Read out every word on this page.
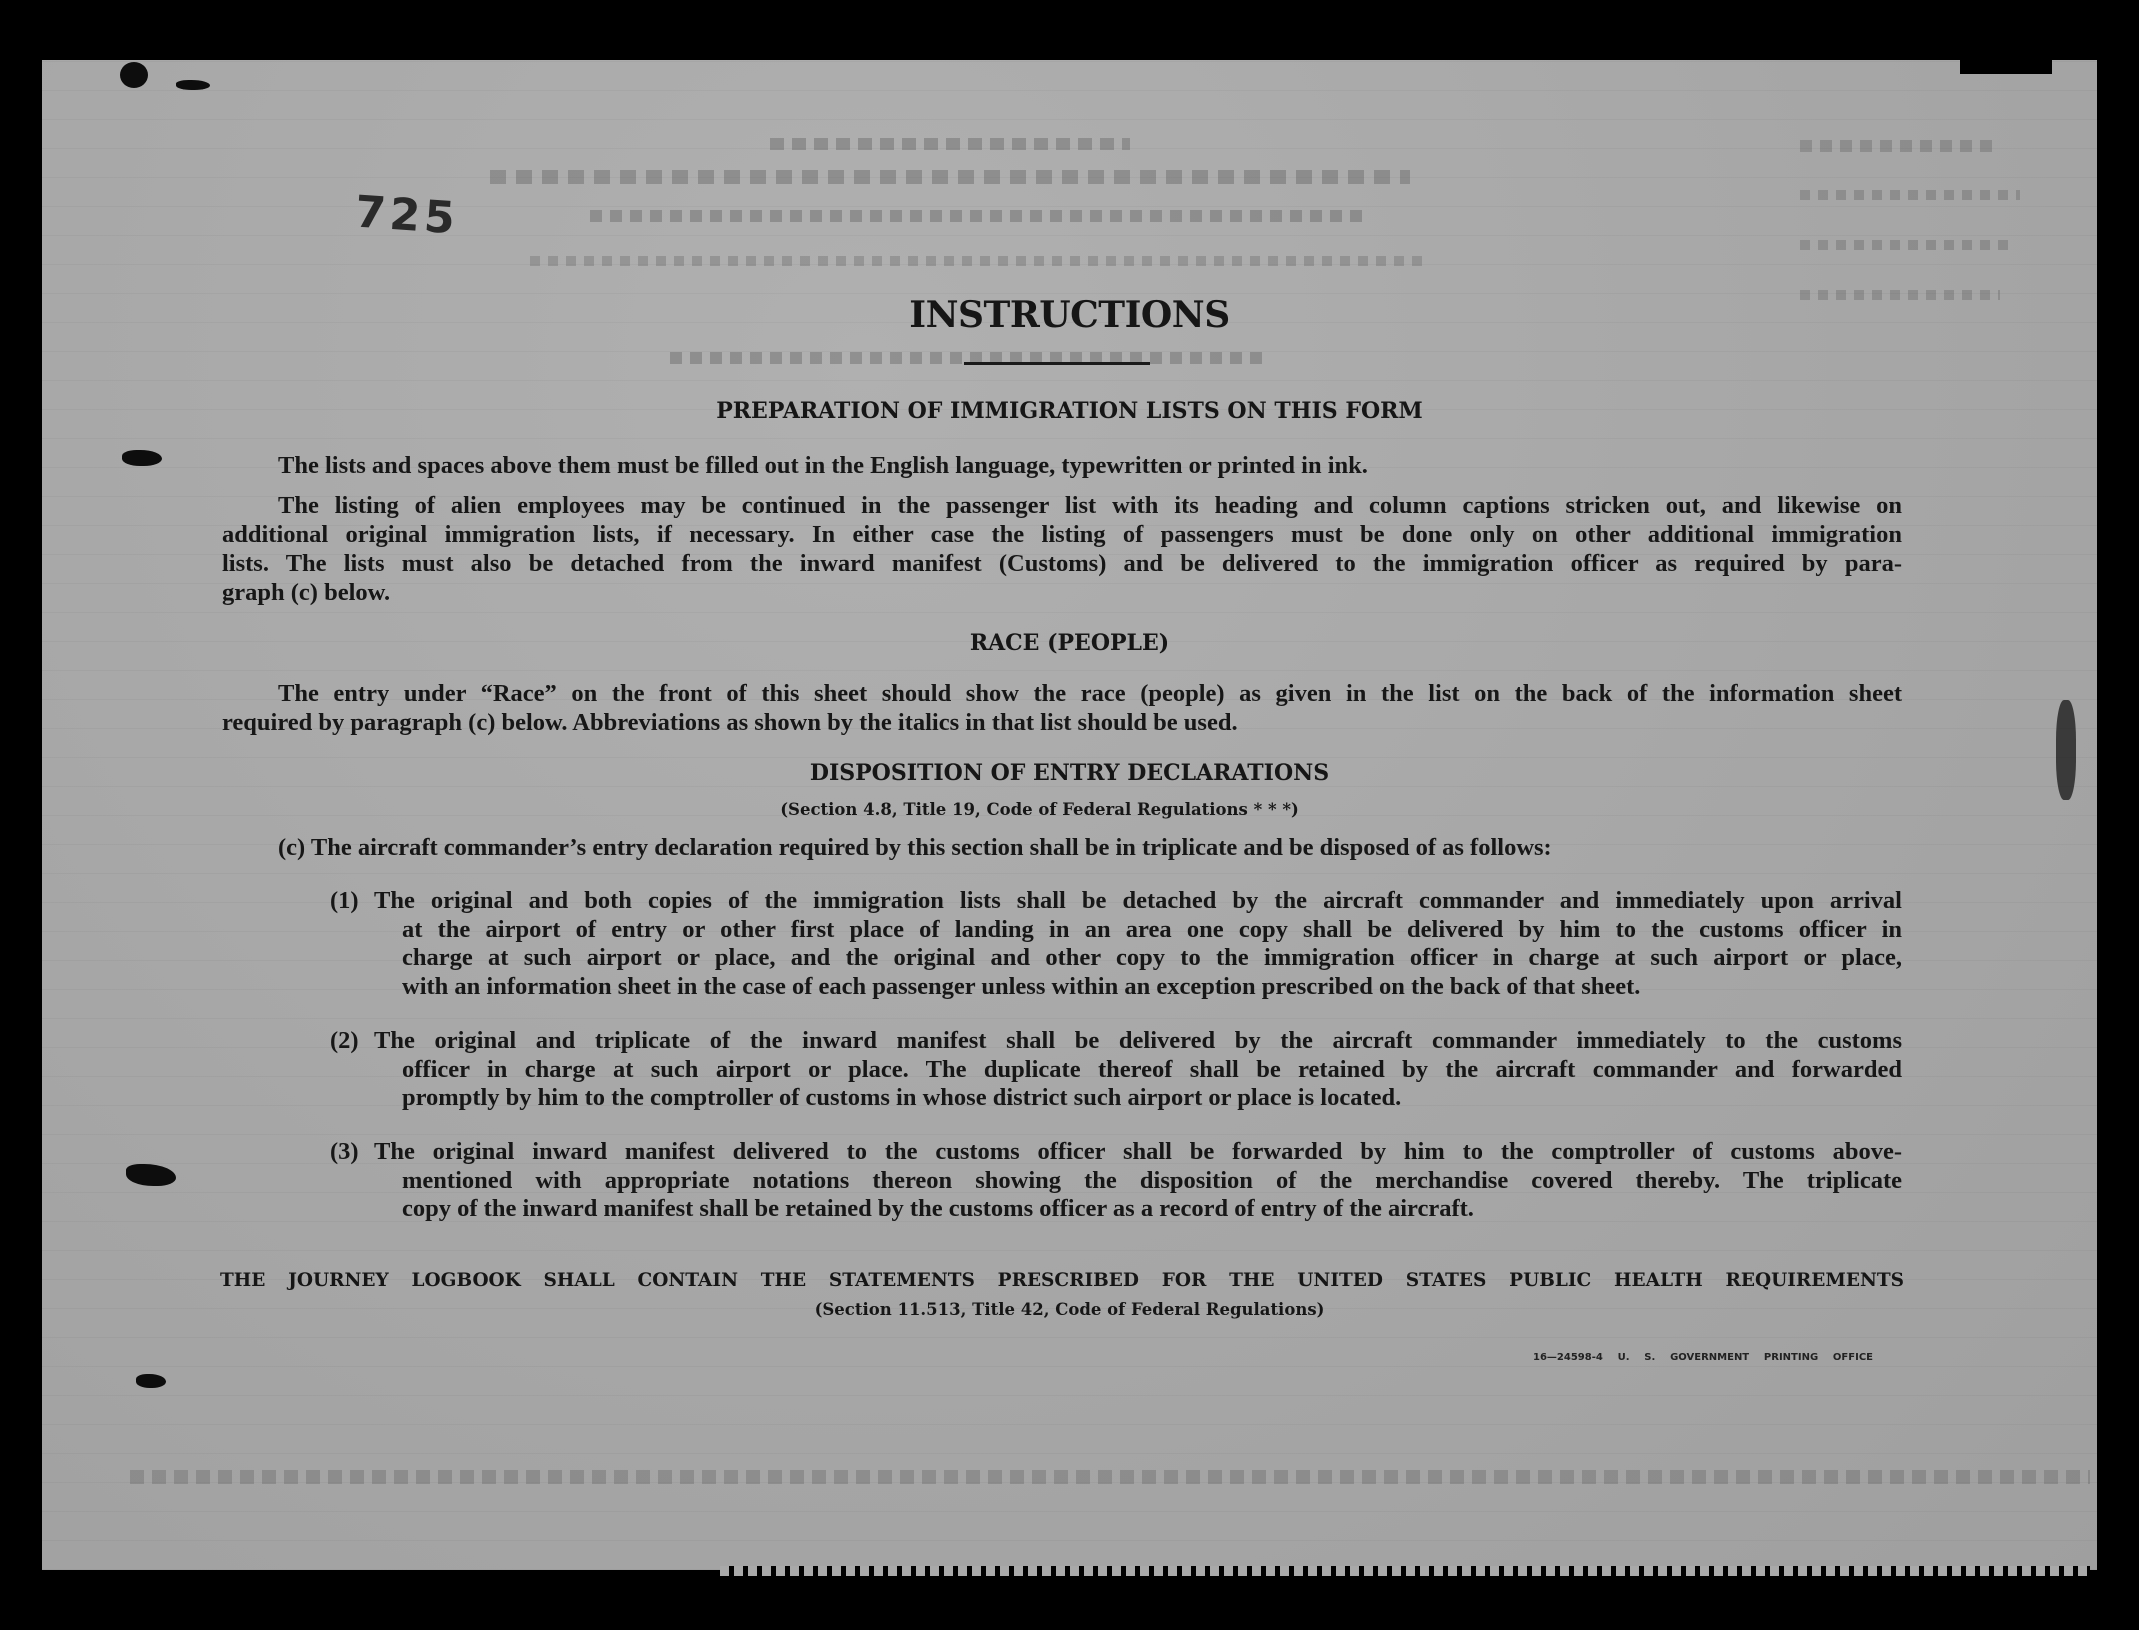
725
INSTRUCTIONS
PREPARATION OF IMMIGRATION LISTS ON THIS FORM
The lists and spaces above them must be filled out in the English language, typewritten or printed in ink.
The listing of alien employees may be continued in the passenger list with its heading and column captions stricken out, and likewise on
additional original immigration lists, if necessary. In either case the listing of passengers must be done only on other additional immigration
lists. The lists must also be detached from the inward manifest (Customs) and be delivered to the immigration officer as required by para-
graph (c) below.
RACE (PEOPLE)
The entry under “Race” on the front of this sheet should show the race (people) as given in the list on the back of the information sheet
required by paragraph (c) below. Abbreviations as shown by the italics in that list should be used.
DISPOSITION OF ENTRY DECLARATIONS
(Section 4.8, Title 19, Code of Federal Regulations * * *)
(c) The aircraft commander’s entry declaration required by this section shall be in triplicate and be disposed of as follows:
(1) The original and both copies of the immigration lists shall be detached by the aircraft commander and immediately upon arrival
at the airport of entry or other first place of landing in an area one copy shall be delivered by him to the customs officer in
charge at such airport or place, and the original and other copy to the immigration officer in charge at such airport or place,
with an information sheet in the case of each passenger unless within an exception prescribed on the back of that sheet.
(2) The original and triplicate of the inward manifest shall be delivered by the aircraft commander immediately to the customs
officer in charge at such airport or place. The duplicate thereof shall be retained by the aircraft commander and forwarded
promptly by him to the comptroller of customs in whose district such airport or place is located.
(3) The original inward manifest delivered to the customs officer shall be forwarded by him to the comptroller of customs above-
mentioned with appropriate notations thereon showing the disposition of the merchandise covered thereby. The triplicate
copy of the inward manifest shall be retained by the customs officer as a record of entry of the aircraft.
THE JOURNEY LOGBOOK SHALL CONTAIN THE STATEMENTS PRESCRIBED FOR THE UNITED STATES PUBLIC HEALTH REQUIREMENTS
(Section 11.513, Title 42, Code of Federal Regulations)
16—24598-4 U. S. GOVERNMENT PRINTING OFFICE
